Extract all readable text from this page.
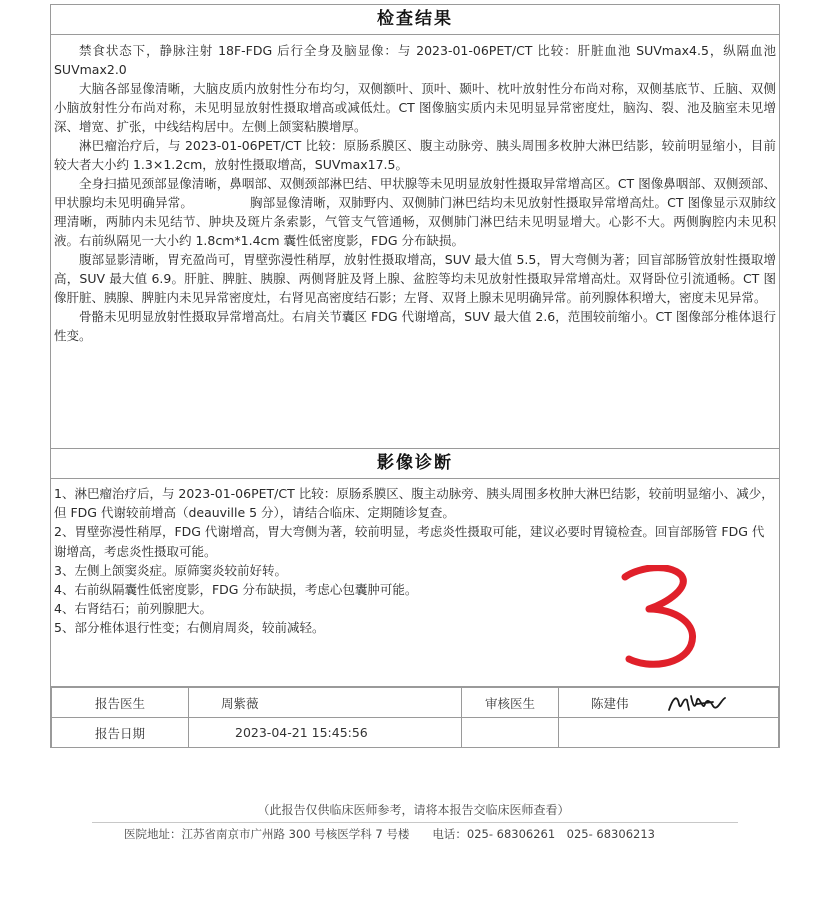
检查结果

禁食状态下，静脉注射 18F-FDG 后行全身及脑显像：与 2023-01-06PET/CT 比较：肝脏血池 SUVmax4.5，纵隔血池 SUVmax2.0

大脑各部显像清晰，大脑皮质内放射性分布均匀，双侧额叶、顶叶、颞叶、枕叶放射性分布尚对称，双侧基底节、丘脑、双侧小脑放射性分布尚对称，未见明显放射性摄取增高或减低灶。CT 图像脑实质内未见明显异常密度灶，脑沟、裂、池及脑室未见增深、增宽、扩张，中线结构居中。左侧上颌窦粘膜增厚。

淋巴瘤治疗后，与 2023-01-06PET/CT 比较：原肠系膜区、腹主动脉旁、胰头周围多枚肿大淋巴结影，较前明显缩小，目前较大者大小约 1.3×1.2cm，放射性摄取增高，SUVmax17.5。

全身扫描见颈部显像清晰，鼻咽部、双侧颈部淋巴结、甲状腺等未见明显放射性摄取异常增高区。CT 图像鼻咽部、双侧颈部、甲状腺均未见明确异常。　　　　　胸部显像清晰，双肺野内、双侧肺门淋巴结均未见放射性摄取异常增高灶。CT 图像显示双肺纹理清晰，两肺内未见结节、肿块及斑片条索影，气管支气管通畅，双侧肺门淋巴结未见明显增大。心影不大。两侧胸腔内未见积液。右前纵隔见一大小约 1.8cm*1.4cm 囊性低密度影，FDG 分布缺损。

腹部显影清晰，胃充盈尚可，胃壁弥漫性稍厚，放射性摄取增高，SUV 最大值 5.5，胃大弯侧为著；回盲部肠管放射性摄取增高，SUV 最大值 6.9。肝脏、脾脏、胰腺、两侧肾脏及肾上腺、盆腔等均未见放射性摄取异常增高灶。双肾卧位引流通畅。CT 图像肝脏、胰腺、脾脏内未见异常密度灶，右肾见高密度结石影；左肾、双肾上腺未见明确异常。前列腺体积增大，密度未见异常。

骨骼未见明显放射性摄取异常增高灶。右肩关节囊区 FDG 代谢增高，SUV 最大值 2.6，范围较前缩小。CT 图像部分椎体退行性变。

影像诊断

1、淋巴瘤治疗后，与 2023-01-06PET/CT 比较：原肠系膜区、腹主动脉旁、胰头周围多枚肿大淋巴结影，较前明显缩小、减少，但 FDG 代谢较前增高（deauville 5 分），请结合临床、定期随诊复查。

2、胃壁弥漫性稍厚，FDG 代谢增高，胃大弯侧为著，较前明显，考虑炎性摄取可能，建议必要时胃镜检查。回盲部肠管 FDG 代谢增高，考虑炎性摄取可能。

3、左侧上颌窦炎症。原筛窦炎较前好转。

4、右前纵隔囊性低密度影，FDG 分布缺损，考虑心包囊肿可能。

4、右肾结石；前列腺肥大。

5、部分椎体退行性变；右侧肩周炎，较前减轻。

报告医生	周紫薇	审核医生	陈建伟

报告日期	2023-04-21 15:45:56		
（此报告仅供临床医师参考，请将本报告交临床医师查看）
医院地址：江苏省南京市广州路 300 号核医学科 7 号楼　　电话：025- 68306261　025- 68306213
